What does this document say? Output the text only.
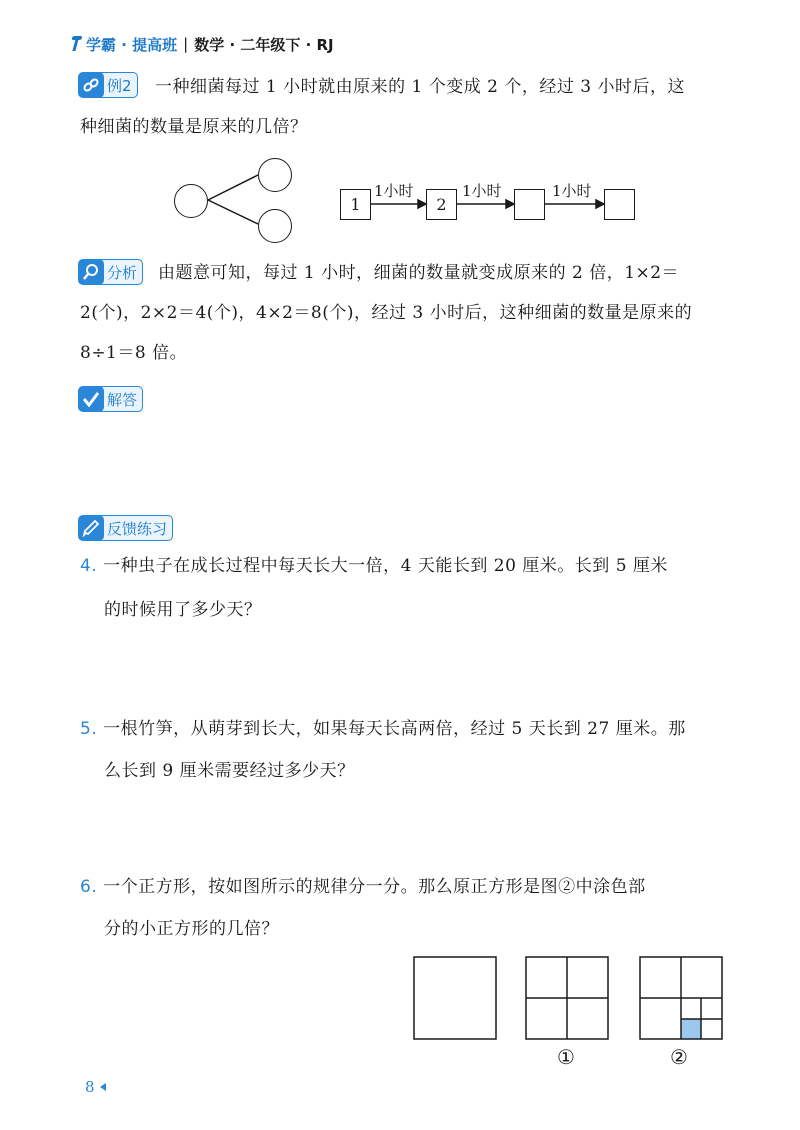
学霸 · 提高班 | 数学 · 二年级下 · RJ
例2 一种细菌每过 1 小时就由原来的 1 个变成 2 个，经过 3 小时后，这
种细菌的数量是原来的几倍？
1	2
1小时	1小时	1小时
分析 由题意可知，每过 1 小时，细菌的数量就变成原来的 2 倍，1×2＝
2(个)，2×2＝4(个)，4×2＝8(个)，经过 3 小时后，这种细菌的数量是原来的
8÷1＝8 倍。
解答
反馈练习
4. 一种虫子在成长过程中每天长大一倍，4 天能长到 20 厘米。长到 5 厘米
的时候用了多少天？
5. 一根竹笋，从萌芽到长大，如果每天长高两倍，经过 5 天长到 27 厘米。那
么长到 9 厘米需要经过多少天？
6. 一个正方形，按如图所示的规律分一分。那么原正方形是图②中涂色部
分的小正方形的几倍？
①	②
8
